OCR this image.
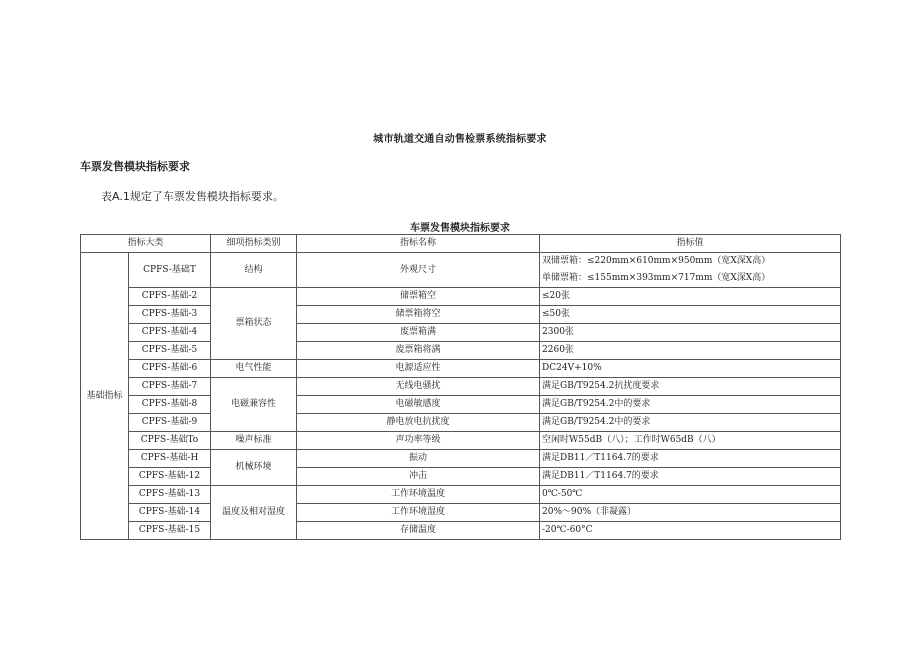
城市轨道交通自动售检票系统指标要求
车票发售模块指标要求
表A.1规定了车票发售模块指标要求。
车票发售模块指标要求
指标大类		细项指标类别	指标名称	指标值
基础指标	CPFS-基础T	结构	外观尺寸	双储票箱：≤220mm×610mm×950mm（宽X深X高）
单储票箱：≤155mm×393mm×717mm（宽X深X高）

	CPFS-基础-2	票箱状态	储票箱空	≤20张
	CPFS-基础-3		储票箱将空	≤50张
	CPFS-基础-4		废票箱满	2300张
	CPFS-基础-5		废票箱将满	2260张
	CPFS-基础-6	电气性能	电源适应性	DC24V+10%
	CPFS-基础-7	电磁兼容性	无线电骚扰	满足GB/T9254.2抗扰度要求
	CPFS-基础-8		电磁敏感度	满足GB/T9254.2中的要求
	CPFS-基础-9		静电放电抗扰度	满足GB/T9254.2中的要求
	CPFS-基础To	噪声标准	声功率等级	空闲时W55dB（八）；工作时W65dB（八）
	CPFS-基础-H	机械环境	振动	满足DB11／T1164.7的要求
	CPFS-基础-12		冲击	满足DB11／T1164.7的要求
	CPFS-基础-13	温度及相对湿度	工作环境温度	0℃-50℃
	CPFS-基础-14		工作环境湿度	20%～90%（非凝露）
	CPFS-基础-15		存储温度	-20℃-60°C
